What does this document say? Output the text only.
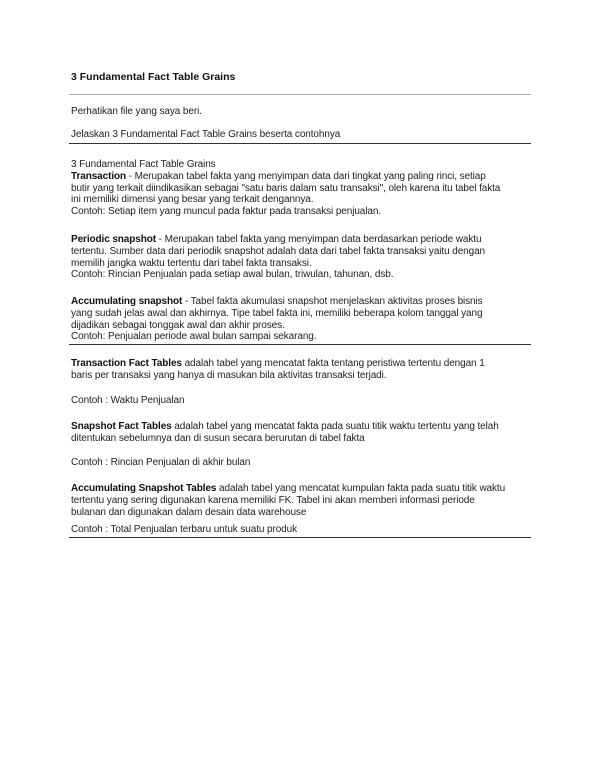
3 Fundamental Fact Table Grains
Perhatikan file yang saya beri.
Jelaskan 3 Fundamental Fact Table Grains beserta contohnya
3 Fundamental Fact Table Grains
Transaction - Merupakan tabel fakta yang menyimpan data dari tingkat yang paling rinci, setiap
butir yang terkait diindikasikan sebagai "satu baris dalam satu transaksi", oleh karena itu tabel fakta
ini memiliki dimensi yang besar yang terkait dengannya.
Contoh: Setiap item yang muncul pada faktur pada transaksi penjualan.
Periodic snapshot - Merupakan tabel fakta yang menyimpan data berdasarkan periode waktu
tertentu. Sumber data dari periodik snapshot adalah data dari tabel fakta transaksi yaitu dengan
memilih jangka waktu tertentu dari tabel fakta transaksi.
Contoh: Rincian Penjualan pada setiap awal bulan, triwulan, tahunan, dsb.
Accumulating snapshot - Tabel fakta akumulasi snapshot menjelaskan aktivitas proses bisnis
yang sudah jelas awal dan akhirnya. Tipe tabel fakta ini, memiliki beberapa kolom tanggal yang
dijadikan sebagai tonggak awal dan akhir proses.
Contoh: Penjualan periode awal bulan sampai sekarang.
Transaction Fact Tables adalah tabel yang mencatat fakta tentang peristiwa tertentu dengan 1
baris per transaksi yang hanya di masukan bila aktivitas transaksi terjadi.
Contoh : Waktu Penjualan
Snapshot Fact Tables adalah tabel yang mencatat fakta pada suatu titik waktu tertentu yang telah
ditentukan sebelumnya dan di susun secara berurutan di tabel fakta
Contoh : Rincian Penjualan di akhir bulan
Accumulating Snapshot Tables adalah tabel yang mencatat kumpulan fakta pada suatu titik waktu
tertentu yang sering digunakan karena memiliki FK. Tabel ini akan memberi informasi periode
bulanan dan digunakan dalam desain data warehouse
Contoh : Total Penjualan terbaru untuk suatu produk
